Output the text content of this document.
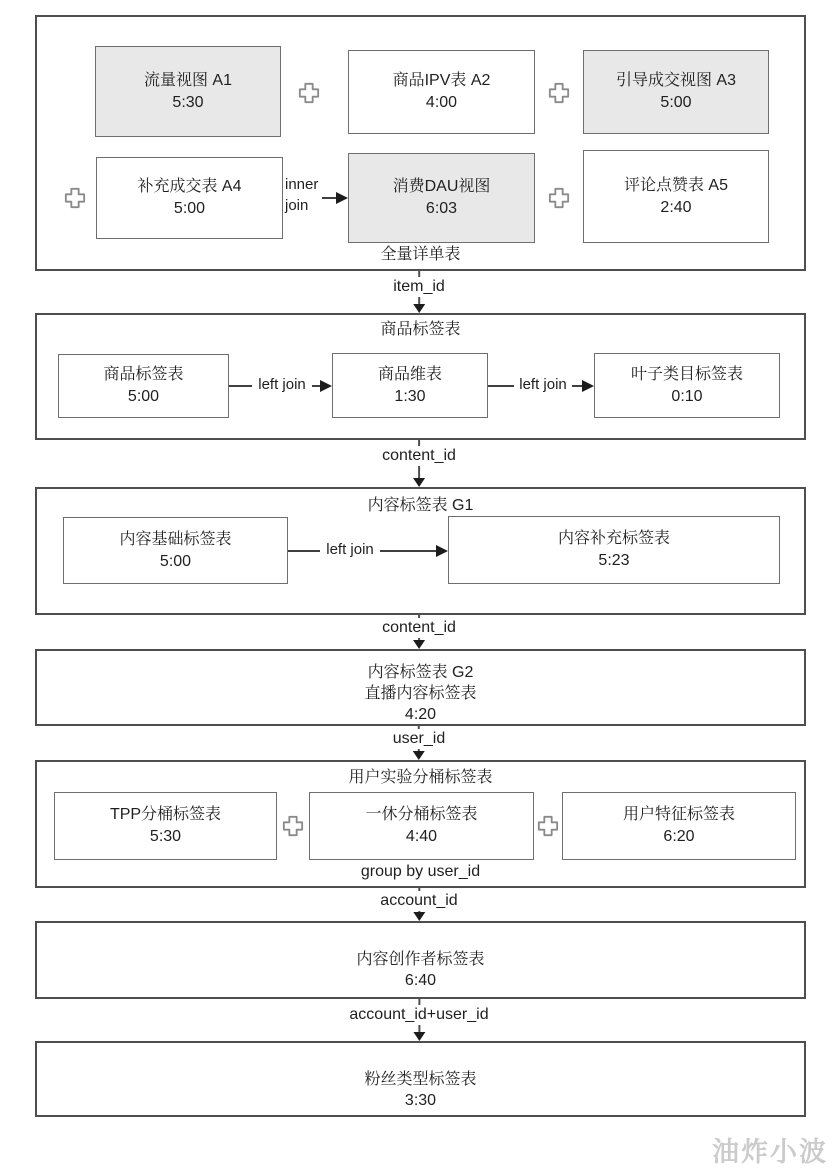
流量视图 A1
5:30
商品IPV表 A2
4:00
引导成交视图 A3
5:00
补充成交表 A4
5:00
inner join
消费DAU视图
6:03
评论点赞表 A5
2:40
全量详单表
item_id
商品标签表
商品标签表
5:00
left join
商品维表
1:30
left join
叶子类目标签表
0:10
content_id
内容标签表 G1
内容基础标签表
5:00
left join
内容补充标签表
5:23
content_id
内容标签表 G2
直播内容标签表
4:20
user_id
用户实验分桶标签表
TPP分桶标签表
5:30
一休分桶标签表
4:40
用户特征标签表
6:20
group by user_id
account_id
内容创作者标签表
6:40
account_id+user_id
粉丝类型标签表
3:30
油炸小波
